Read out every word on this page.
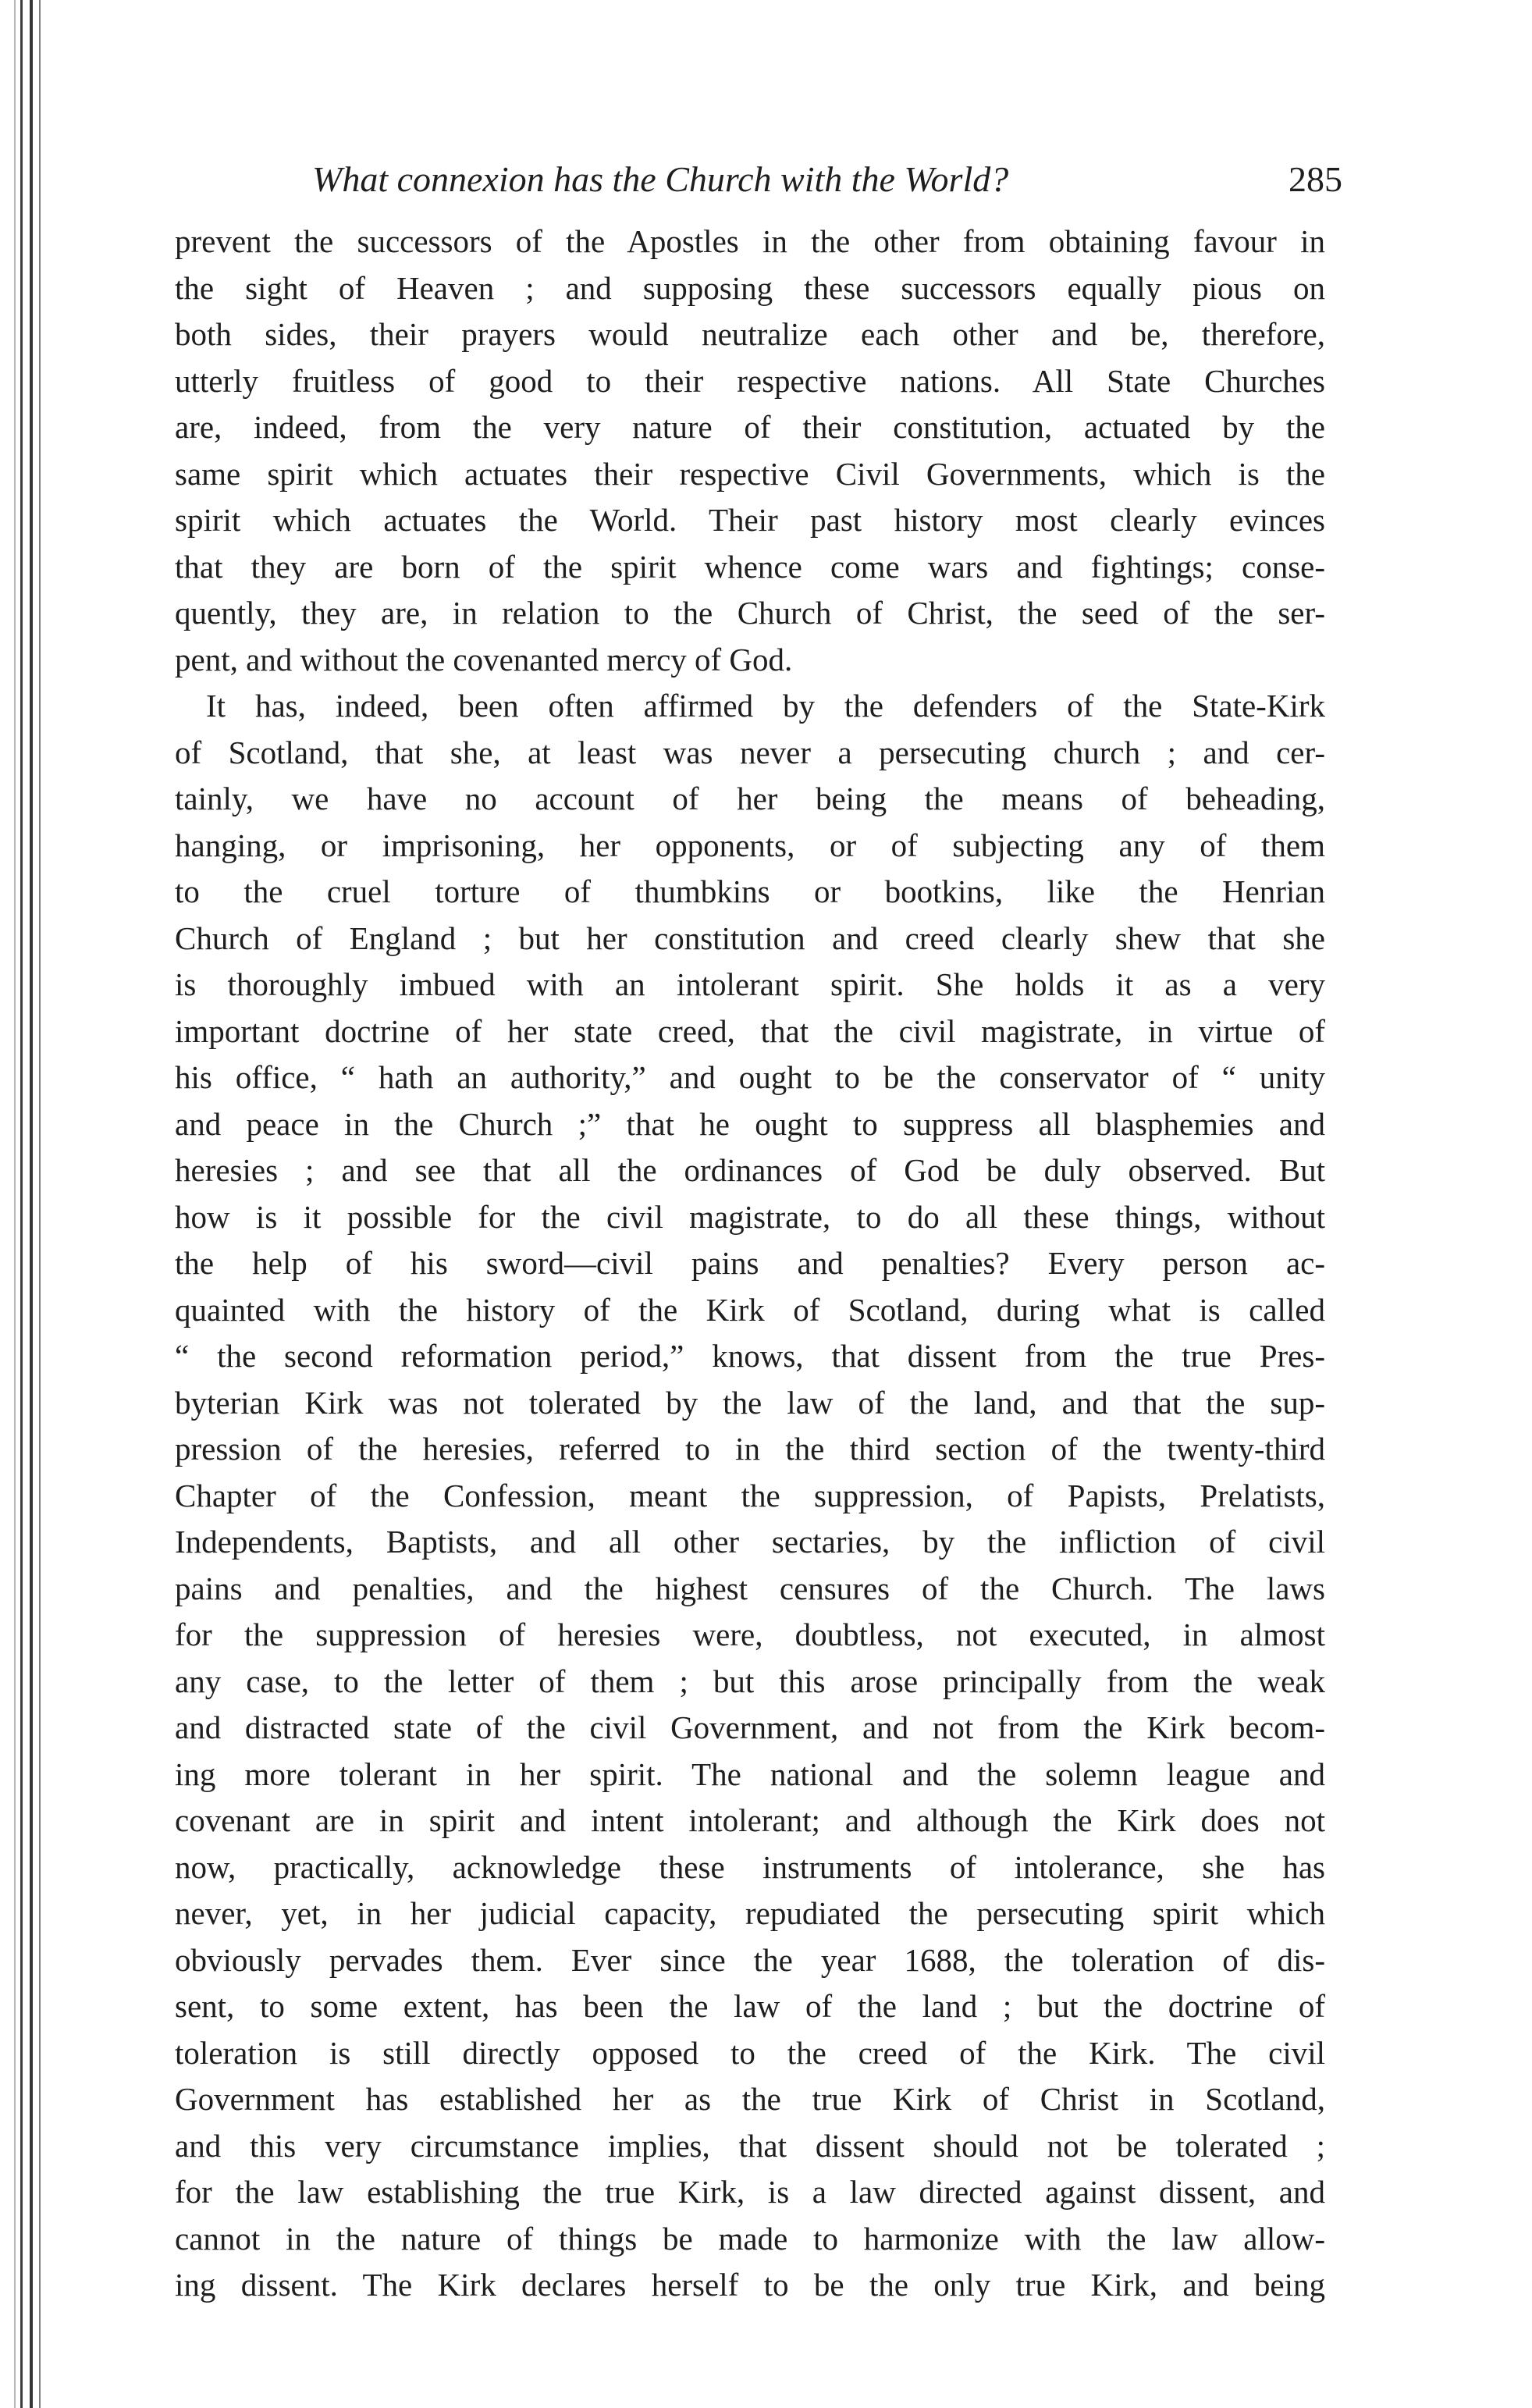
What connexion has the Church with the World?	285
prevent the successors of the Apostles in the other from obtaining favour in
the sight of Heaven ; and supposing these successors equally pious on
both sides, their prayers would neutralize each other and be, therefore,
utterly fruitless of good to their respective nations. All State Churches
are, indeed, from the very nature of their constitution, actuated by the
same spirit which actuates their respective Civil Governments, which is the
spirit which actuates the World. Their past history most clearly evinces
that they are born of the spirit whence come wars and fightings; conse-
quently, they are, in relation to the Church of Christ, the seed of the ser-
pent, and without the covenanted mercy of God.
It has, indeed, been often affirmed by the defenders of the State-Kirk
of Scotland, that she, at least was never a persecuting church ; and cer-
tainly, we have no account of her being the means of beheading,
hanging, or imprisoning, her opponents, or of subjecting any of them
to the cruel torture of thumbkins or bootkins, like the Henrian
Church of England ; but her constitution and creed clearly shew that she
is thoroughly imbued with an intolerant spirit. She holds it as a very
important doctrine of her state creed, that the civil magistrate, in virtue of
his office, “ hath an authority,” and ought to be the conservator of “ unity
and peace in the Church ;” that he ought to suppress all blasphemies and
heresies ; and see that all the ordinances of God be duly observed. But
how is it possible for the civil magistrate, to do all these things, without
the help of his sword—civil pains and penalties? Every person ac-
quainted with the history of the Kirk of Scotland, during what is called
“ the second reformation period,” knows, that dissent from the true Pres-
byterian Kirk was not tolerated by the law of the land, and that the sup-
pression of the heresies, referred to in the third section of the twenty-third
Chapter of the Confession, meant the suppression, of Papists, Prelatists,
Independents, Baptists, and all other sectaries, by the infliction of civil
pains and penalties, and the highest censures of the Church. The laws
for the suppression of heresies were, doubtless, not executed, in almost
any case, to the letter of them ; but this arose principally from the weak
and distracted state of the civil Government, and not from the Kirk becom-
ing more tolerant in her spirit. The national and the solemn league and
covenant are in spirit and intent intolerant; and although the Kirk does not
now, practically, acknowledge these instruments of intolerance, she has
never, yet, in her judicial capacity, repudiated the persecuting spirit which
obviously pervades them. Ever since the year 1688, the toleration of dis-
sent, to some extent, has been the law of the land ; but the doctrine of
toleration is still directly opposed to the creed of the Kirk. The civil
Government has established her as the true Kirk of Christ in Scotland,
and this very circumstance implies, that dissent should not be tolerated ;
for the law establishing the true Kirk, is a law directed against dissent, and
cannot in the nature of things be made to harmonize with the law allow-
ing dissent. The Kirk declares herself to be the only true Kirk, and being
